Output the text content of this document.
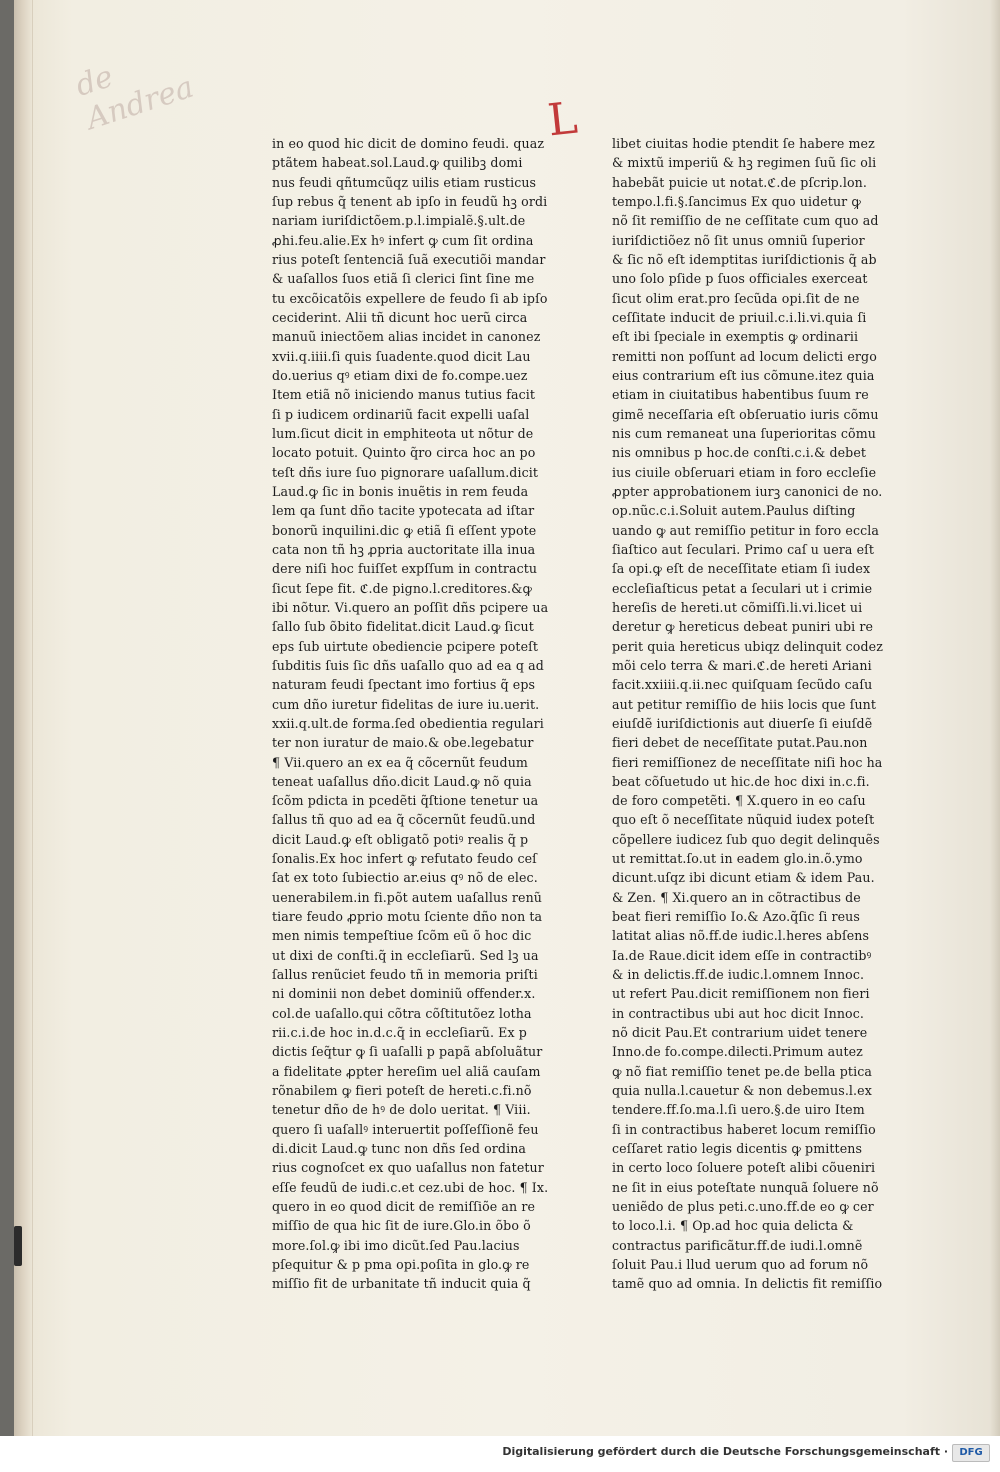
de Andrea	L
in eo quod hic dicit de domino feudi. quaz
ptãtem habeat.sol.Laud.ꝙ quilibꝫ domi
nus feudi qñtumcũqz uilis etiam rusticus
ſup rebus q̃ tenent ab ipſo in feudũ hꝫ ordi
nariam iuriſdictõem.p.l.impialẽ.§.ult.de
ꝓhi.feu.alie.Ex hꝰ infert ꝙ cum ſit ordina
rius poteſt ſentenciã ſuã executiõi mandar
& uaſallos ſuos etiã ſi clerici ſint ſine me
tu excõicatõis expellere de feudo ſi ab ipſo
ceciderint. Alii tñ dicunt hoc uerũ circa
manuũ iniectõem alias incidet in canonez
xvii.q.iiii.ſi quis ſuadente.quod dicit Lau
do.uerius qꝰ etiam dixi de fo.compe.uez
Item etiã nõ iniciendo manus tutius facit
ſi p iudicem ordinariũ facit expelli uaſal
lum.ſicut dicit in emphiteota ut nõtur de
locato potuit. Quinto q̃ro circa hoc an po
teſt dñs iure ſuo pignorare uaſallum.dicit
Laud.ꝙ ſic in bonis inuẽtis in rem feuda
lem qa ſunt dño tacite ypotecata ad iſtar
bonorũ inquilini.dic ꝙ etiã ſi eſſent ypote
cata non tñ hꝫ ꝓpria auctoritate illa inua
dere niſi hoc fuiſſet expſſum in contractu
ſicut ſepe fit. ℭ.de pigno.l.creditores.&ꝙ
ibi nõtur. Vi.quero an poſſit dñs pcipere ua
ſallo ſub õbito fidelitat.dicit Laud.ꝙ ſicut
eps ſub uirtute obediencie pcipere poteſt
ſubditis ſuis ſic dñs uaſallo quo ad ea q ad
naturam feudi ſpectant imo fortius q̃ eps
cum dño iuretur fidelitas de iure iu.uerit.
xxii.q.ult.de forma.ſed obedientia regulari
ter non iuratur de maio.& obe.legebatur
¶ Vii.quero an ex ea q̃ cõcernũt feudum
teneat uaſallus dño.dicit Laud.ꝙ nõ quia
ſcõm pdicta in pcedẽti q̃ſtione tenetur ua
ſallus tñ quo ad ea q̃ cõcernũt feudũ.und
dicit Laud.ꝙ eſt obligatõ potiꝰ realis q̃ p
ſonalis.Ex hoc infert ꝙ refutato feudo ceſ
ſat ex toto ſubiectio ar.eius qꝰ nõ de elec.
uenerabilem.in fi.põt autem uaſallus renũ
tiare feudo ꝓprio motu ſciente dño non ta
men nimis tempeſtiue ſcõm eũ õ hoc dic
ut dixi de conſti.q̃ in eccleſiarũ. Sed lꝫ ua
ſallus renũciet feudo tñ in memoria priſti
ni dominii non debet dominiũ offender.x.
col.de uaſallo.qui cõtra cõſtitutõez lotha
rii.c.i.de hoc in.d.c.q̃ in eccleſiarũ. Ex p
dictis ſeq̃tur ꝙ ſi uaſalli p papã abſoluãtur
a fidelitate ꝓpter hereſim uel aliã cauſam
rõnabilem ꝙ fieri poteſt de hereti.c.fi.nõ
tenetur dño de hꝰ de dolo ueritat. ¶ Viii.
quero ſi uaſallꝰ interuertit poſſeſſionẽ feu
di.dicit Laud.ꝙ tunc non dñs ſed ordina
rius cognoſcet ex quo uaſallus non fatetur
eſſe feudũ de iudi.c.et cez.ubi de hoc. ¶ Ix.
quero in eo quod dicit de remiſſiõe an re
miſſio de qua hic ſit de iure.Glo.in õbo õ
more.ſol.ꝙ ibi imo dicũt.ſed Pau.lacius
pſequitur & p pma opi.poſita in glo.ꝙ re
miſſio fit de urbanitate tñ inducit quia q̃
libet ciuitas hodie ptendit ſe habere mez
& mixtũ imperiũ & hꝫ regimen ſuũ ſic oli
habebãt puicie ut notat.ℭ.de pſcrip.lon.
tempo.l.fi.§.ſancimus Ex quo uidetur ꝙ
nõ ſit remiſſio de ne ceſſitate cum quo ad
iuriſdictiõez nõ ſit unus omniũ ſuperior
& ſic nõ eſt idemptitas iuriſdictionis q̃ ab
uno ſolo pſide p ſuos officiales exerceat
ſicut olim erat.pro ſecũda opi.ſit de ne
ceſſitate inducit de priuil.c.i.li.vi.quia ſi
eſt ibi ſpeciale in exemptis ꝙ ordinarii
remitti non poſſunt ad locum delicti ergo
eius contrarium eſt ius cõmune.itez quia
etiam in ciuitatibus habentibus ſuum re
gimẽ neceſſaria eſt obſeruatio iuris cõmu
nis cum remaneat una ſuperioritas cõmu
nis omnibus p hoc.de conſti.c.i.& debet
ius ciuile obſeruari etiam in foro eccleſie
ꝓpter approbationem iurꝫ canonici de no.
op.nũc.c.i.Soluit autem.Paulus diſting
uando ꝙ aut remiſſio petitur in foro eccla
ſiaſtico aut ſeculari. Primo caſ u uera eſt
ſa opi.ꝙ eſt de neceſſitate etiam ſi iudex
eccleſiaſticus petat a ſeculari ut i crimie
hereſis de hereti.ut cõmiſſi.li.vi.licet ui
deretur ꝙ hereticus debeat puniri ubi re
perit quia hereticus ubiqz delinquit codez
mõi celo terra & mari.ℭ.de hereti Ariani
facit.xxiiii.q.ii.nec quiſquam ſecũdo caſu
aut petitur remiſſio de hiis locis que ſunt
eiuſdẽ iuriſdictionis aut diuerſe ſi eiuſdẽ
fieri debet de neceſſitate putat.Pau.non
fieri remiſſionez de neceſſitate niſi hoc ha
beat cõſuetudo ut hic.de hoc dixi in.c.fi.
de foro competẽti. ¶ X.quero in eo caſu
quo eſt õ neceſſitate nũquid iudex poteſt
cõpellere iudicez ſub quo degit delinquẽs
ut remittat.ſo.ut in eadem glo.in.õ.ymo
dicunt.uſqz ibi dicunt etiam & idem Pau.
& Zen. ¶ Xi.quero an in cõtractibus de
beat fieri remiſſio Io.& Azo.q̃ſic ſi reus
latitat alias nõ.ff.de iudic.l.heres abſens
Ia.de Raue.dicit idem eſſe in contractibꝰ
& in delictis.ff.de iudic.l.omnem Innoc.
ut refert Pau.dicit remiſſionem non fieri
in contractibus ubi aut hoc dicit Innoc.
nõ dicit Pau.Et contrarium uidet tenere
Inno.de fo.compe.dilecti.Primum autez
ꝙ nõ fiat remiſſio tenet pe.de bella ptica
quia nulla.l.cauetur & non debemus.l.ex
tendere.ff.ſo.ma.l.ſi uero.§.de uiro Item
ſi in contractibus haberet locum remiſſio
ceſſaret ratio legis dicentis ꝙ pmittens
in certo loco ſoluere poteſt alibi cõueniri
ne ſit in eius poteſtate nunquã ſoluere nõ
ueniẽdo de plus peti.c.uno.ff.de eo ꝙ cer
to loco.l.i. ¶ Op.ad hoc quia delicta &
contractus parificãtur.ff.de iudi.l.omnẽ
ſoluit Pau.i llud uerum quo ad forum nõ
tamẽ quo ad omnia. In delictis fit remiſſio
Digitalisierung gefördert durch die Deutsche Forschungsgemeinschaft ·	DFG
